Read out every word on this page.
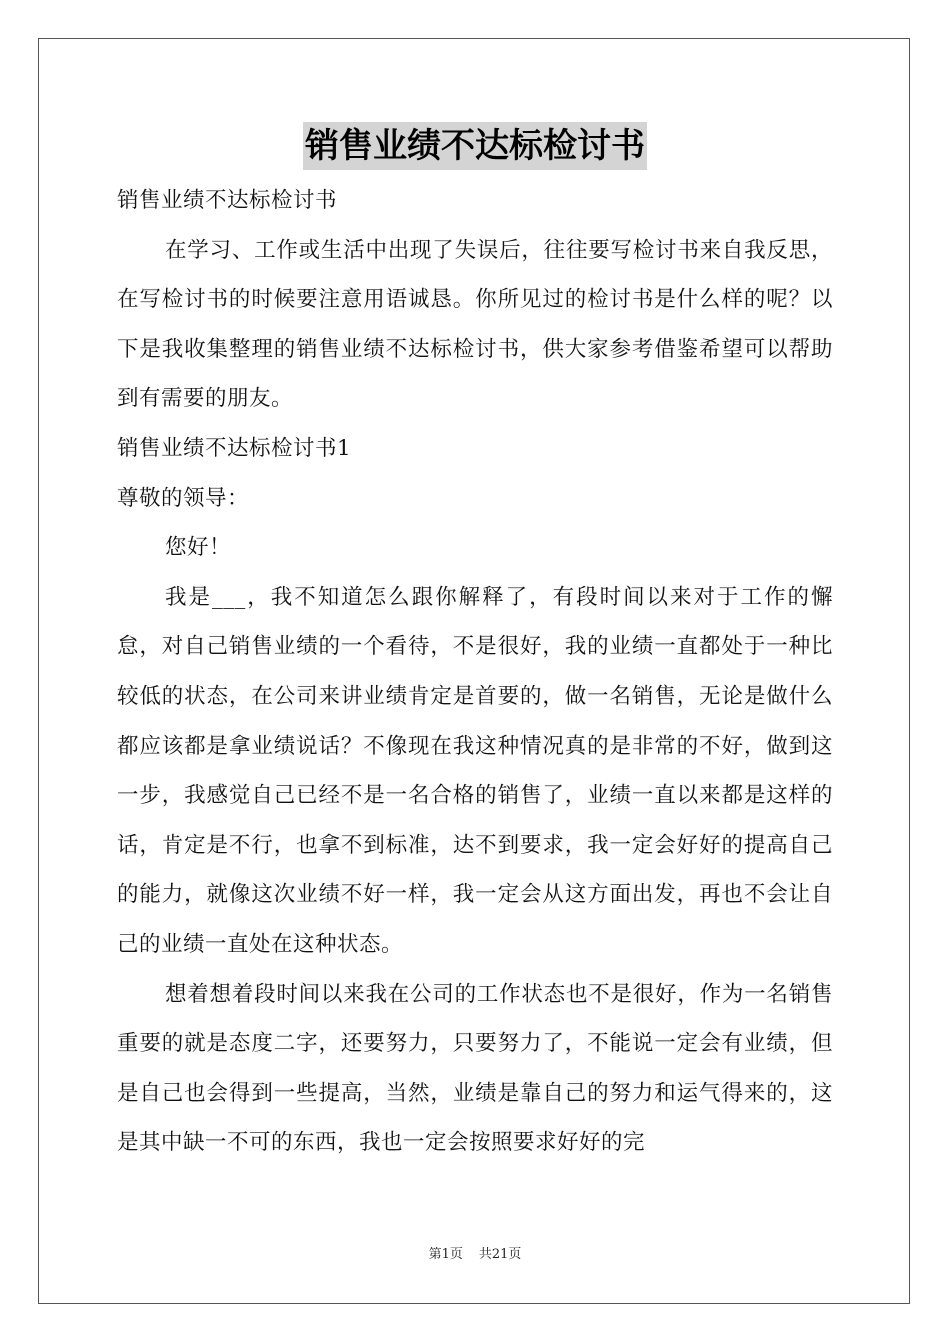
销售业绩不达标检讨书

销售业绩不达标检讨书

在学习、工作或生活中出现了失误后，往往要写检讨书来自我反思，在写检讨书的时候要注意用语诚恳。你所见过的检讨书是什么样的呢？以下是我收集整理的销售业绩不达标检讨书，供大家参考借鉴希望可以帮助到有需要的朋友。

销售业绩不达标检讨书1

尊敬的领导：

您好！

我是___，我不知道怎么跟你解释了，有段时间以来对于工作的懈怠，对自己销售业绩的一个看待，不是很好，我的业绩一直都处于一种比较低的状态，在公司来讲业绩肯定是首要的，做一名销售，无论是做什么都应该都是拿业绩说话？不像现在我这种情况真的是非常的不好，做到这一步，我感觉自己已经不是一名合格的销售了，业绩一直以来都是这样的话，肯定是不行，也拿不到标准，达不到要求，我一定会好好的提高自己的能力，就像这次业绩不好一样，我一定会从这方面出发，再也不会让自己的业绩一直处在这种状态。

想着想着段时间以来我在公司的工作状态也不是很好，作为一名销售重要的就是态度二字，还要努力，只要努力了，不能说一定会有业绩，但是自己也会得到一些提高，当然，业绩是靠自己的努力和运气得来的，这是其中缺一不可的东西，我也一定会按照要求好好的完

第1页 共21页
